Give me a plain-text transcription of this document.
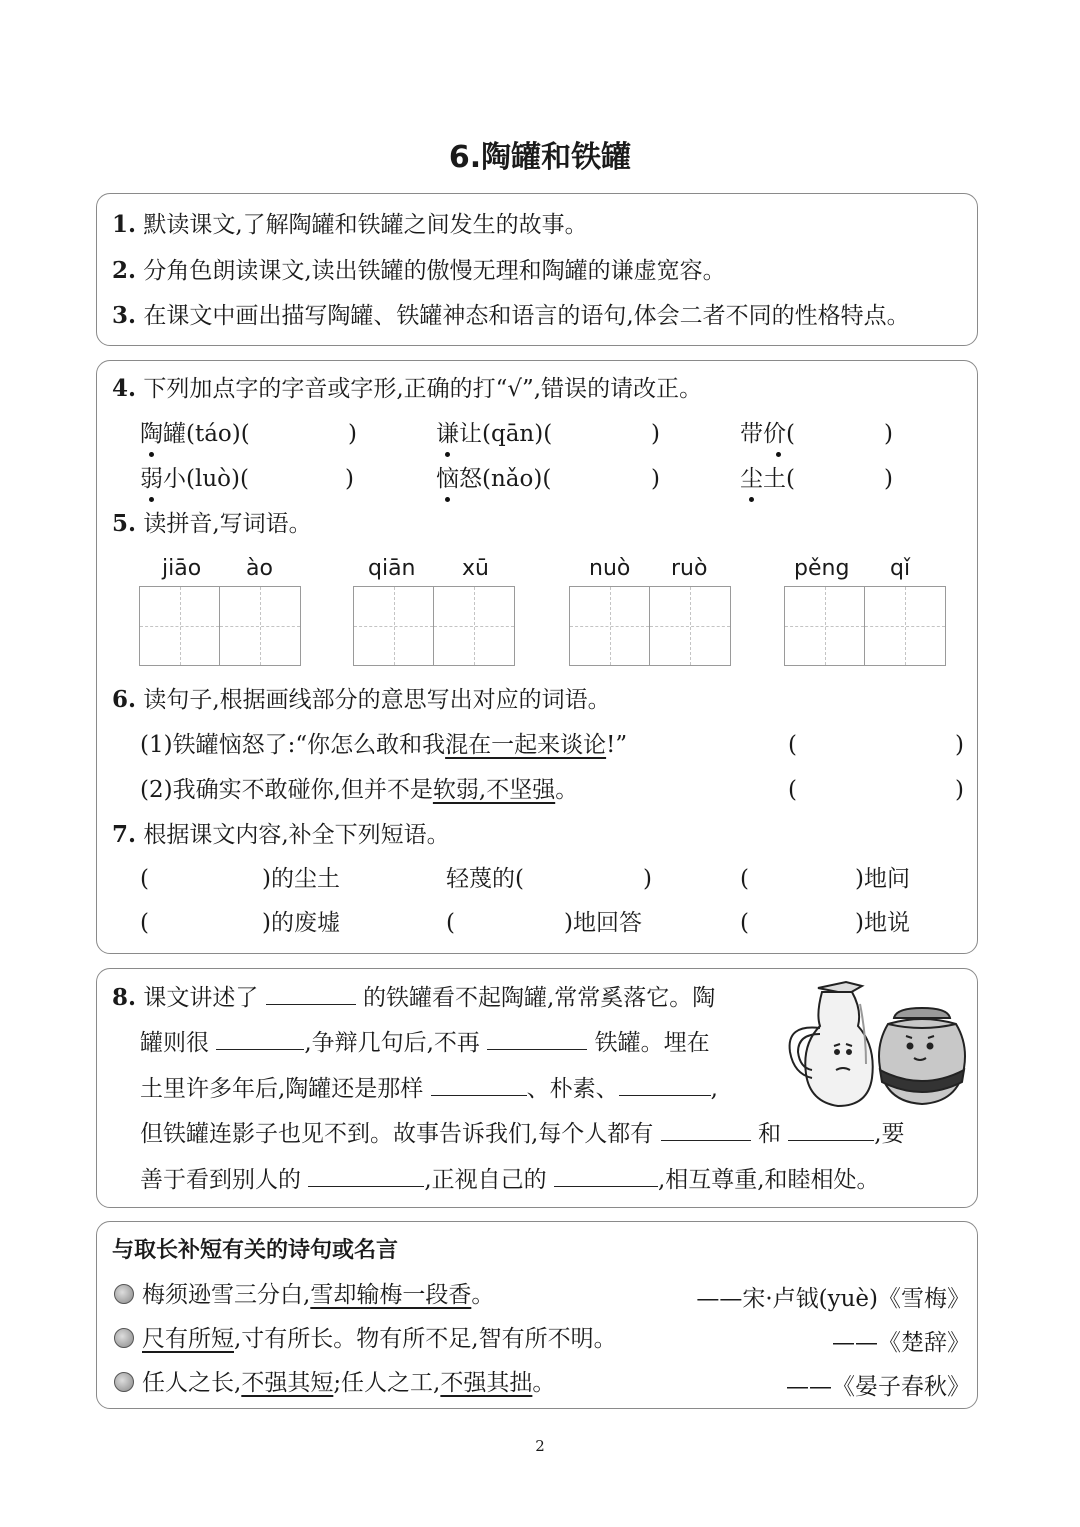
6.陶罐和铁罐
1. 默读课文,了解陶罐和铁罐之间发生的故事。
2. 分角色朗读课文,读出铁罐的傲慢无理和陶罐的谦虚宽容。
3. 在课文中画出描写陶罐、铁罐神态和语言的语句,体会二者不同的性格特点。
4. 下列加点字的字音或字形,正确的打“√”,错误的请改正。
陶罐(táo)(	)	谦让(qān)(	)	带价(	)
弱小(luò)(	)	恼怒(nǎo)(	)	尘土(	)
5. 读拼音,写词语。
jiāo ào	qiān xū	nuò ruò	pěng qǐ
6. 读句子,根据画线部分的意思写出对应的词语。
(1)铁罐恼怒了:“你怎么敢和我混在一起来谈论!”	(	)
(2)我确实不敢碰你,但并不是软弱,不坚强。	(	)
7. 根据课文内容,补全下列短语。
(	)的尘土	轻蔑的(	)	(	)地问
(	)的废墟	(	)地回答	(	)地说
8. 课文讲述了	的铁罐看不起陶罐,常常奚落它。陶
罐则很	,争辩几句后,不再	铁罐。埋在
土里许多年后,陶罐还是那样	、朴素、	,
但铁罐连影子也见不到。故事告诉我们,每个人都有	和	,要
善于看到别人的	,正视自己的	,相互尊重,和睦相处。
与取长补短有关的诗句或名言
梅须逊雪三分白,雪却输梅一段香。	——宋·卢钺(yuè)《雪梅》
尺有所短,寸有所长。物有所不足,智有所不明。	——《楚辞》
任人之长,不强其短;任人之工,不强其拙。	——《晏子春秋》
2
